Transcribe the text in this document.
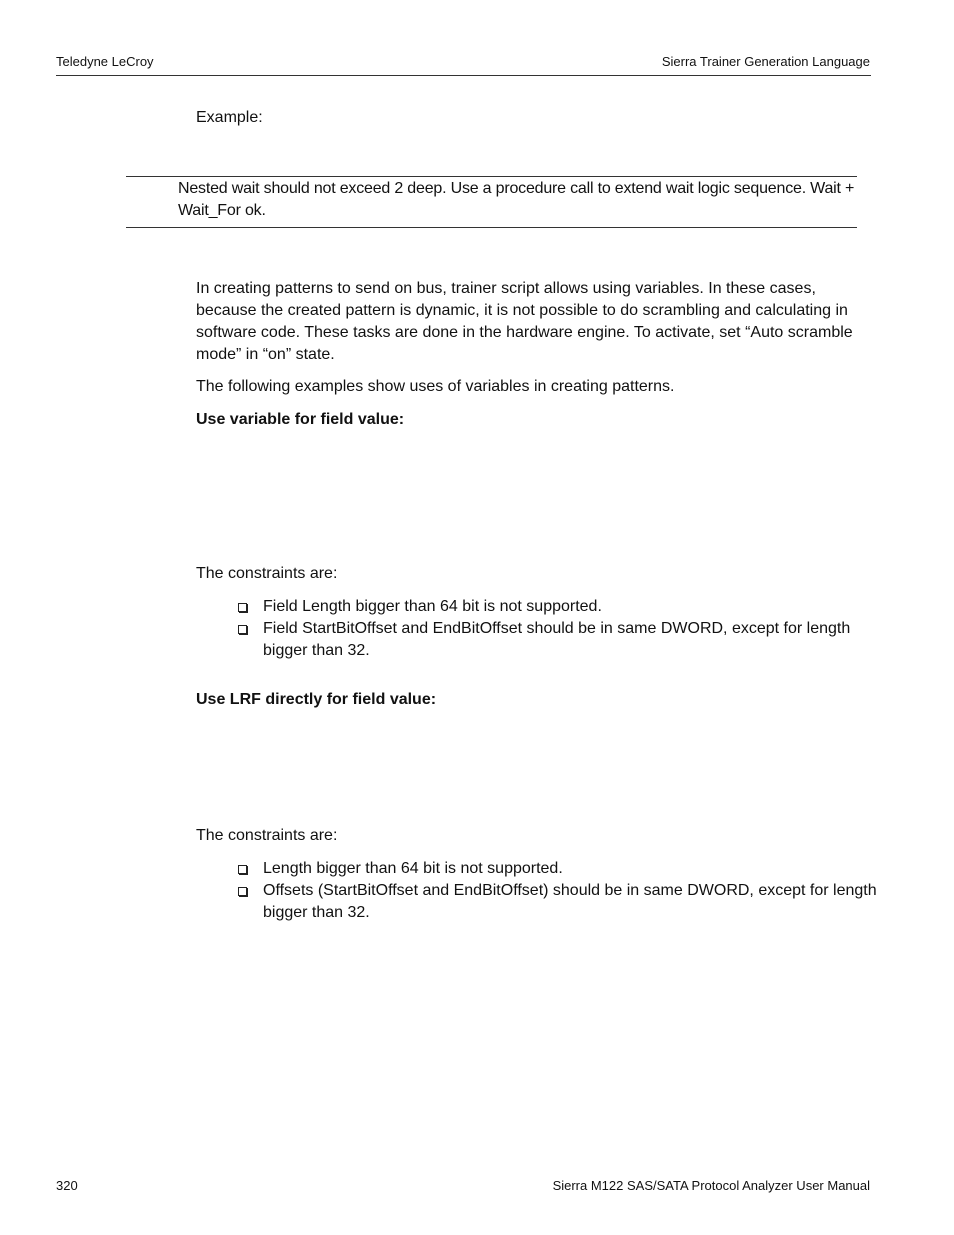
Teledyne LeCroy	Sierra Trainer Generation Language
Example:
Nested wait should not exceed 2 deep. Use a procedure call to extend wait logic sequence. Wait + Wait_For ok.
In creating patterns to send on bus, trainer script allows using variables. In these cases, because the created pattern is dynamic, it is not possible to do scrambling and calculating in software code. These tasks are done in the hardware engine. To activate, set “Auto scramble mode” in “on” state.
The following examples show uses of variables in creating patterns.
Use variable for field value:
The constraints are:
Field Length bigger than 64 bit is not supported.
Field StartBitOffset and EndBitOffset should be in same DWORD, except for length bigger than 32.
Use LRF directly for field value:
The constraints are:
Length bigger than 64 bit is not supported.
Offsets (StartBitOffset and EndBitOffset) should be in same DWORD, except for length bigger than 32.
320	Sierra M122 SAS/SATA Protocol Analyzer User Manual
